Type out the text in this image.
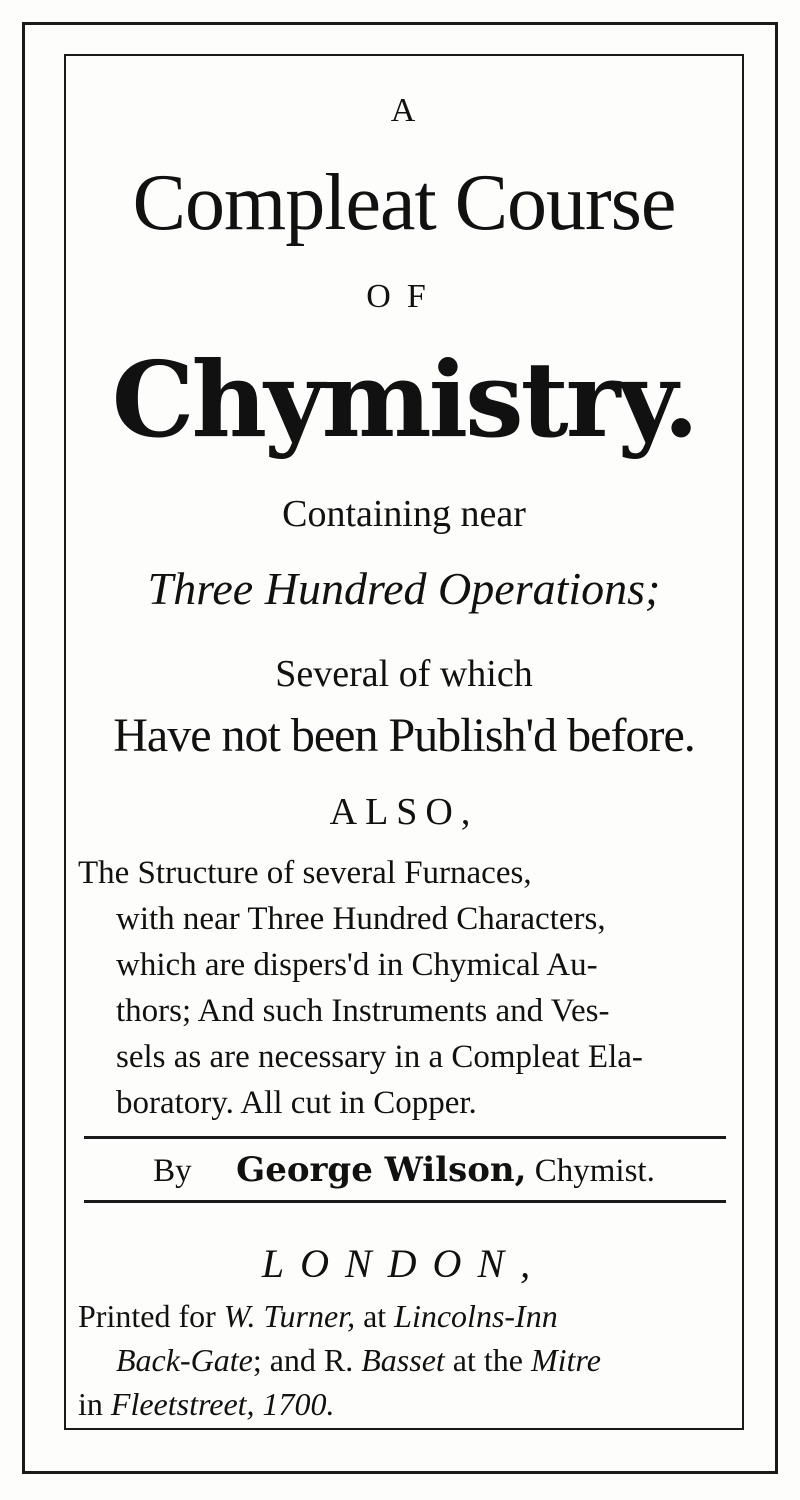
A

Compleat Course

OF

Chymistry.

Containing near

Three Hundred Operations;

Several of which

Have not been Publish'd before.

ALSO,

The Structure of several Furnaces,

with near Three Hundred Characters,

which are dispers'd in Chymical Au-

thors; And such Instruments and Ves-

sels as are necessary in a Compleat Ela-

boratory. All cut in Copper.

By George Wilson, Chymist.

LONDON,

Printed for W. Turner, at Lincolns-Inn

Back-Gate; and R. Basset at the Mitre

in Fleetstreet, 1700.
